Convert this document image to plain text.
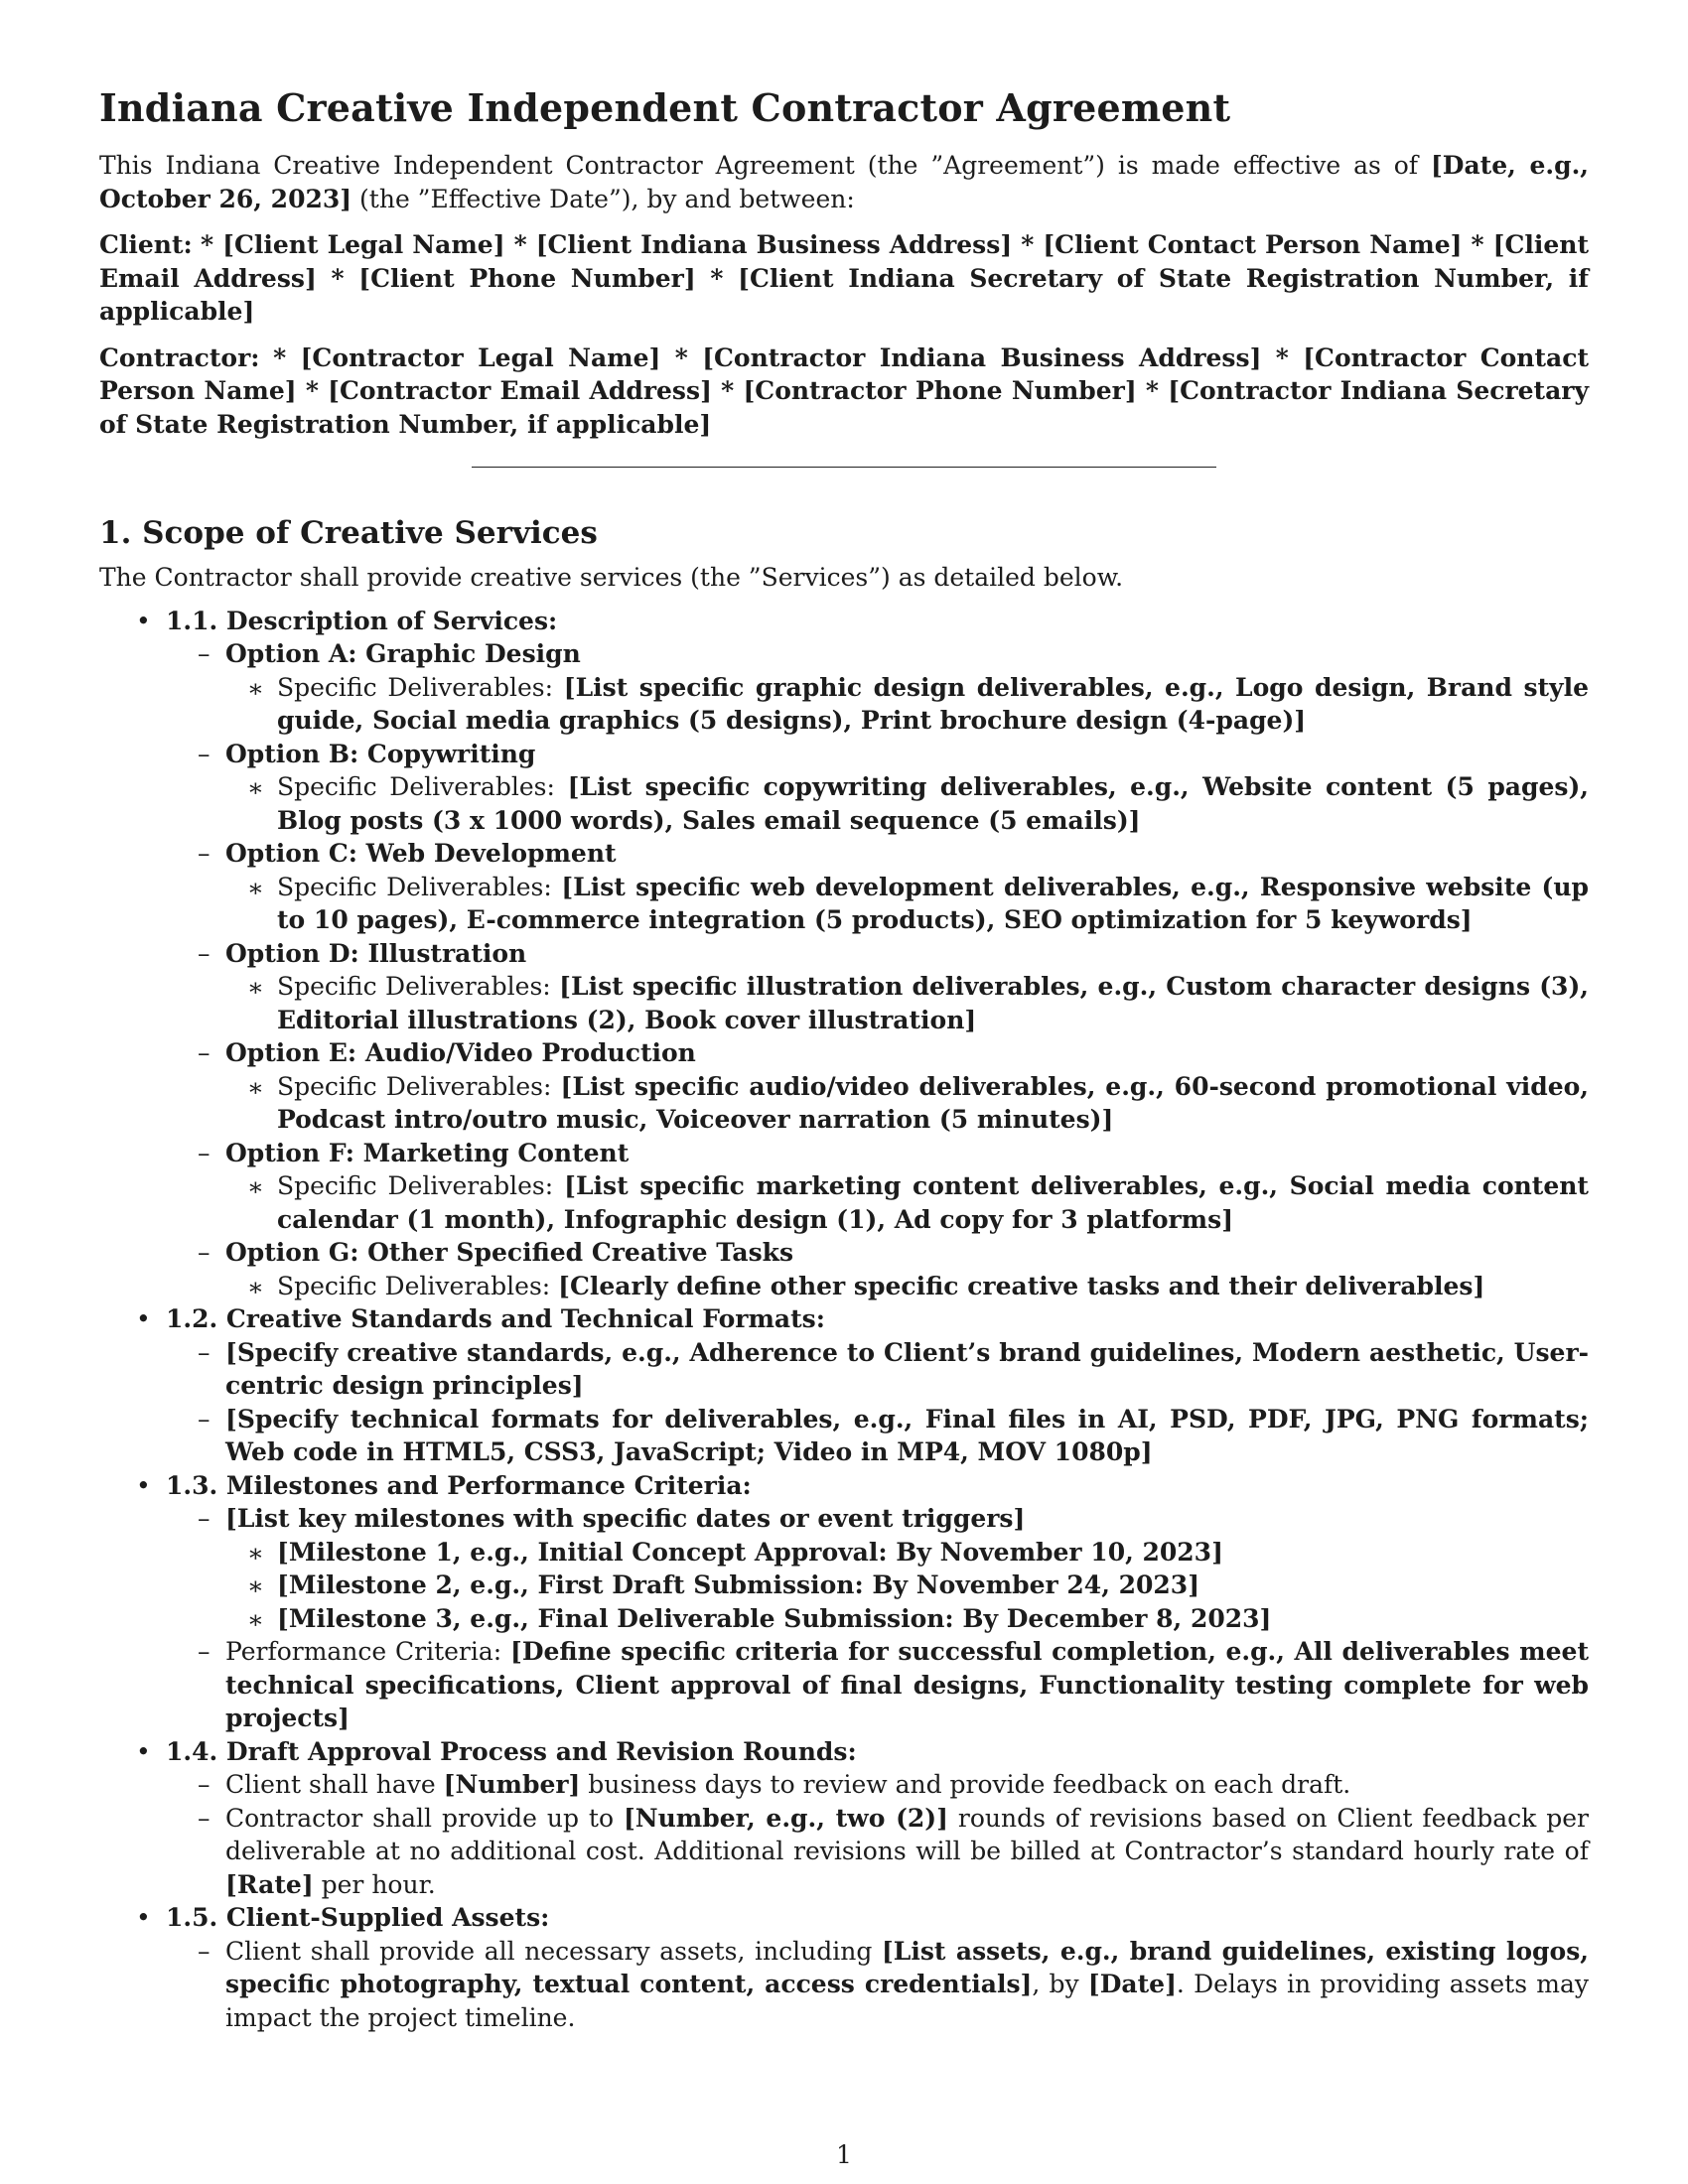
Indiana Creative Independent Contractor Agreement

This Indiana Creative Independent Contractor Agreement (the ”Agreement”) is made effective as of [Date, e.g., October 26, 2023] (the ”Effective Date”), by and between:

Client: * [Client Legal Name] * [Client Indiana Business Address] * [Client Contact Person Name] * [Client Email Address] * [Client Phone Number] * [Client Indiana Secretary of State Registration Number, if applicable]

Contractor: * [Contractor Legal Name] * [Contractor Indiana Business Address] * [Contractor Contact Person Name] * [Contractor Email Address] * [Contractor Phone Number] * [Contractor Indiana Secretary of State Registration Number, if applicable]

1. Scope of Creative Services

The Contractor shall provide creative services (the ”Services”) as detailed below.

• 1.1. Description of Services:
– Option A: Graphic Design
∗ Specific Deliverables: [List specific graphic design deliverables, e.g., Logo design, Brand style guide, Social media graphics (5 designs), Print brochure design (4-page)]
– Option B: Copywriting
∗ Specific Deliverables: [List specific copywriting deliverables, e.g., Website content (5 pages), Blog posts (3 x 1000 words), Sales email sequence (5 emails)]
– Option C: Web Development
∗ Specific Deliverables: [List specific web development deliverables, e.g., Responsive website (up to 10 pages), E-commerce integration (5 products), SEO optimization for 5 keywords]
– Option D: Illustration
∗ Specific Deliverables: [List specific illustration deliverables, e.g., Custom character designs (3), Editorial illustrations (2), Book cover illustration]
– Option E: Audio/Video Production
∗ Specific Deliverables: [List specific audio/video deliverables, e.g., 60-second promotional video, Podcast intro/outro music, Voiceover narration (5 minutes)]
– Option F: Marketing Content
∗ Specific Deliverables: [List specific marketing content deliverables, e.g., Social media content calendar (1 month), Infographic design (1), Ad copy for 3 platforms]
– Option G: Other Specified Creative Tasks
∗ Specific Deliverables: [Clearly define other specific creative tasks and their deliverables]
• 1.2. Creative Standards and Technical Formats:
– [Specify creative standards, e.g., Adherence to Client’s brand guidelines, Modern aesthetic, User-centric design principles]
– [Specify technical formats for deliverables, e.g., Final files in AI, PSD, PDF, JPG, PNG formats; Web code in HTML5, CSS3, JavaScript; Video in MP4, MOV 1080p]
• 1.3. Milestones and Performance Criteria:
– [List key milestones with specific dates or event triggers]
∗ [Milestone 1, e.g., Initial Concept Approval: By November 10, 2023]
∗ [Milestone 2, e.g., First Draft Submission: By November 24, 2023]
∗ [Milestone 3, e.g., Final Deliverable Submission: By December 8, 2023]
– Performance Criteria: [Define specific criteria for successful completion, e.g., All deliverables meet technical specifications, Client approval of final designs, Functionality testing complete for web projects]
• 1.4. Draft Approval Process and Revision Rounds:
– Client shall have [Number] business days to review and provide feedback on each draft.
– Contractor shall provide up to [Number, e.g., two (2)] rounds of revisions based on Client feedback per deliverable at no additional cost. Additional revisions will be billed at Contractor’s standard hourly rate of [Rate] per hour.
• 1.5. Client-Supplied Assets:
– Client shall provide all necessary assets, including [List assets, e.g., brand guidelines, existing logos, specific photography, textual content, access credentials], by [Date]. Delays in providing assets may impact the project timeline.
1
